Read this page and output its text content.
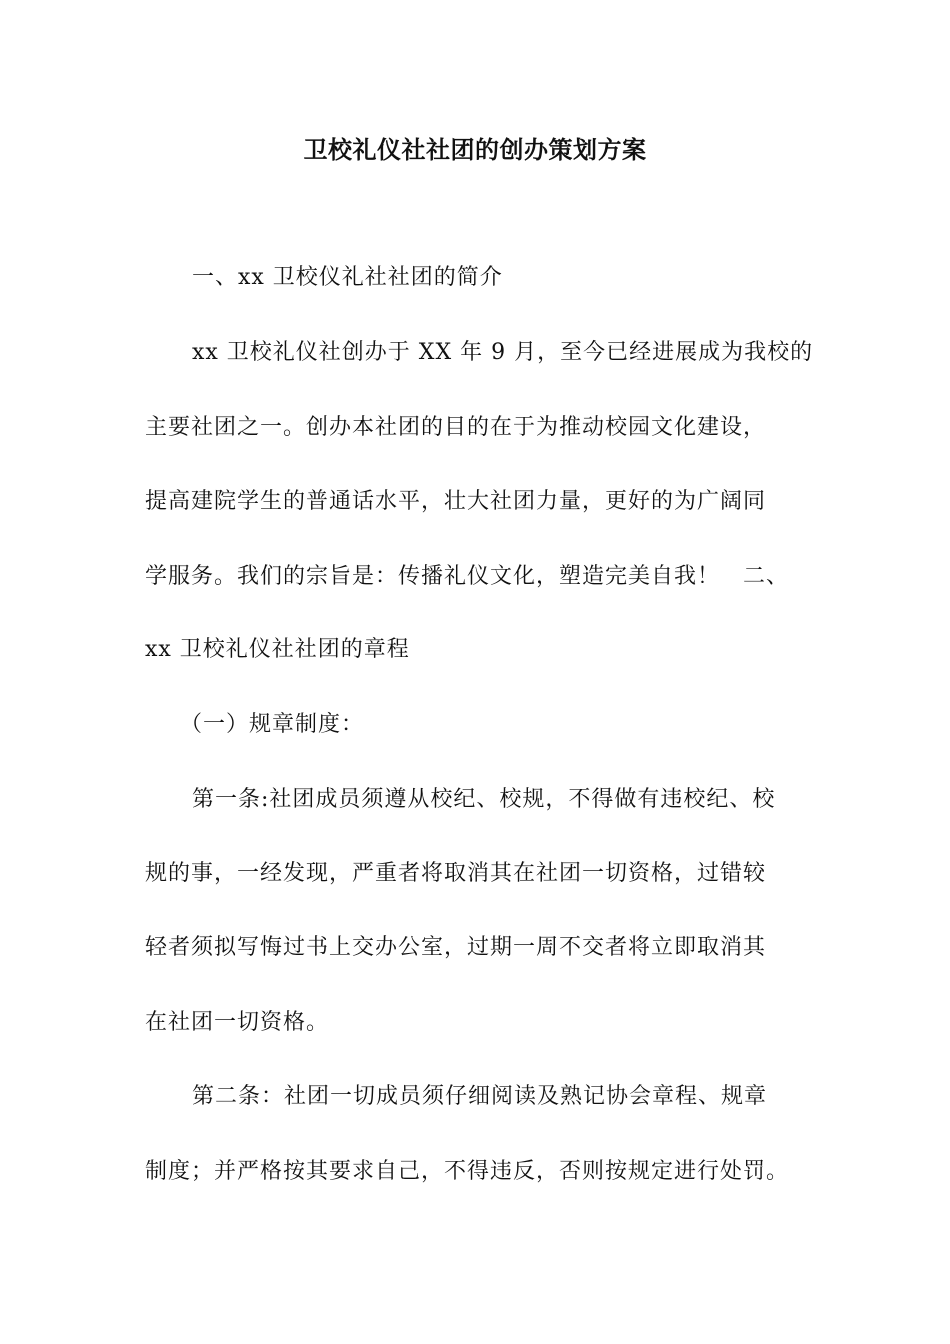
卫校礼仪社社团的创办策划方案
一、xx 卫校仪礼社社团的简介
xx 卫校礼仪社创办于 XX 年 9 月，至今已经进展成为我校的
主要社团之一。创办本社团的目的在于为推动校园文化建设，
提高建院学生的普通话水平，壮大社团力量，更好的为广阔同
学服务。我们的宗旨是：传播礼仪文化，塑造完美自我！　二、
xx 卫校礼仪社社团的章程
（一）规章制度：
第一条:社团成员须遵从校纪、校规，不得做有违校纪、校
规的事，一经发现，严重者将取消其在社团一切资格，过错较
轻者须拟写悔过书上交办公室，过期一周不交者将立即取消其
在社团一切资格。
第二条：社团一切成员须仔细阅读及熟记协会章程、规章
制度；并严格按其要求自己，不得违反，否则按规定进行处罚。
